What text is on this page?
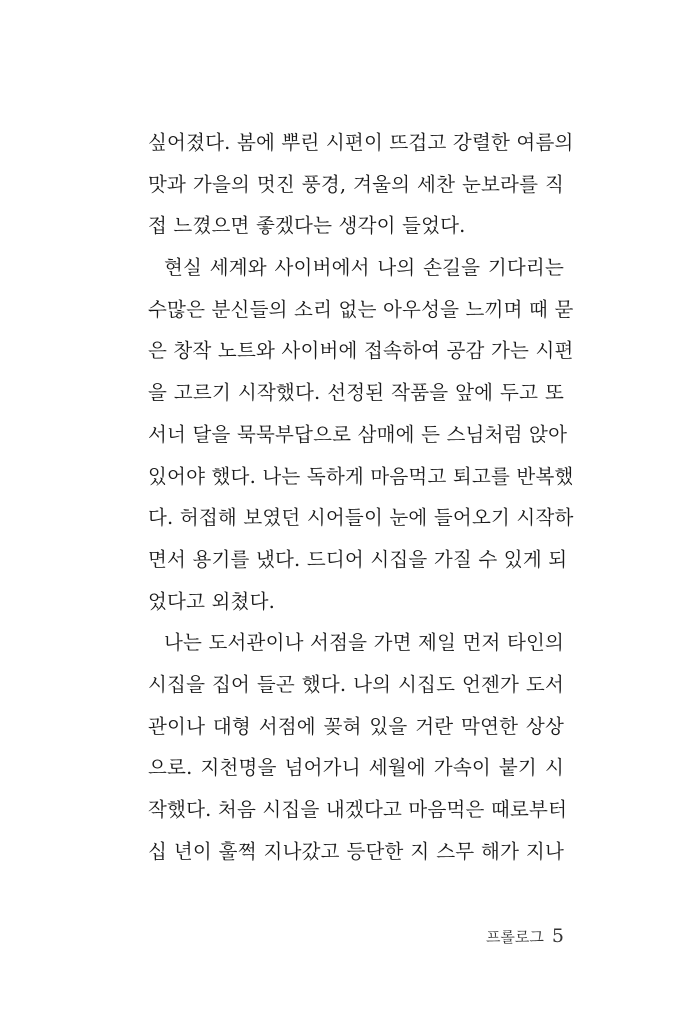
싶어졌다. 봄에 뿌린 시편이 뜨겁고 강렬한 여름의
맛과 가을의 멋진 풍경, 겨울의 세찬 눈보라를 직
접 느꼈으면 좋겠다는 생각이 들었다.
현실 세계와 사이버에서 나의 손길을 기다리는
수많은 분신들의 소리 없는 아우성을 느끼며 때 묻
은 창작 노트와 사이버에 접속하여 공감 가는 시편
을 고르기 시작했다. 선정된 작품을 앞에 두고 또
서너 달을 묵묵부답으로 삼매에 든 스님처럼 앉아
있어야 했다. 나는 독하게 마음먹고 퇴고를 반복했
다. 허접해 보였던 시어들이 눈에 들어오기 시작하
면서 용기를 냈다. 드디어 시집을 가질 수 있게 되
었다고 외쳤다.
나는 도서관이나 서점을 가면 제일 먼저 타인의
시집을 집어 들곤 했다. 나의 시집도 언젠가 도서
관이나 대형 서점에 꽂혀 있을 거란 막연한 상상
으로. 지천명을 넘어가니 세월에 가속이 붙기 시
작했다. 처음 시집을 내겠다고 마음먹은 때로부터
십 년이 훌쩍 지나갔고 등단한 지 스무 해가 지나
프롤로그 5
